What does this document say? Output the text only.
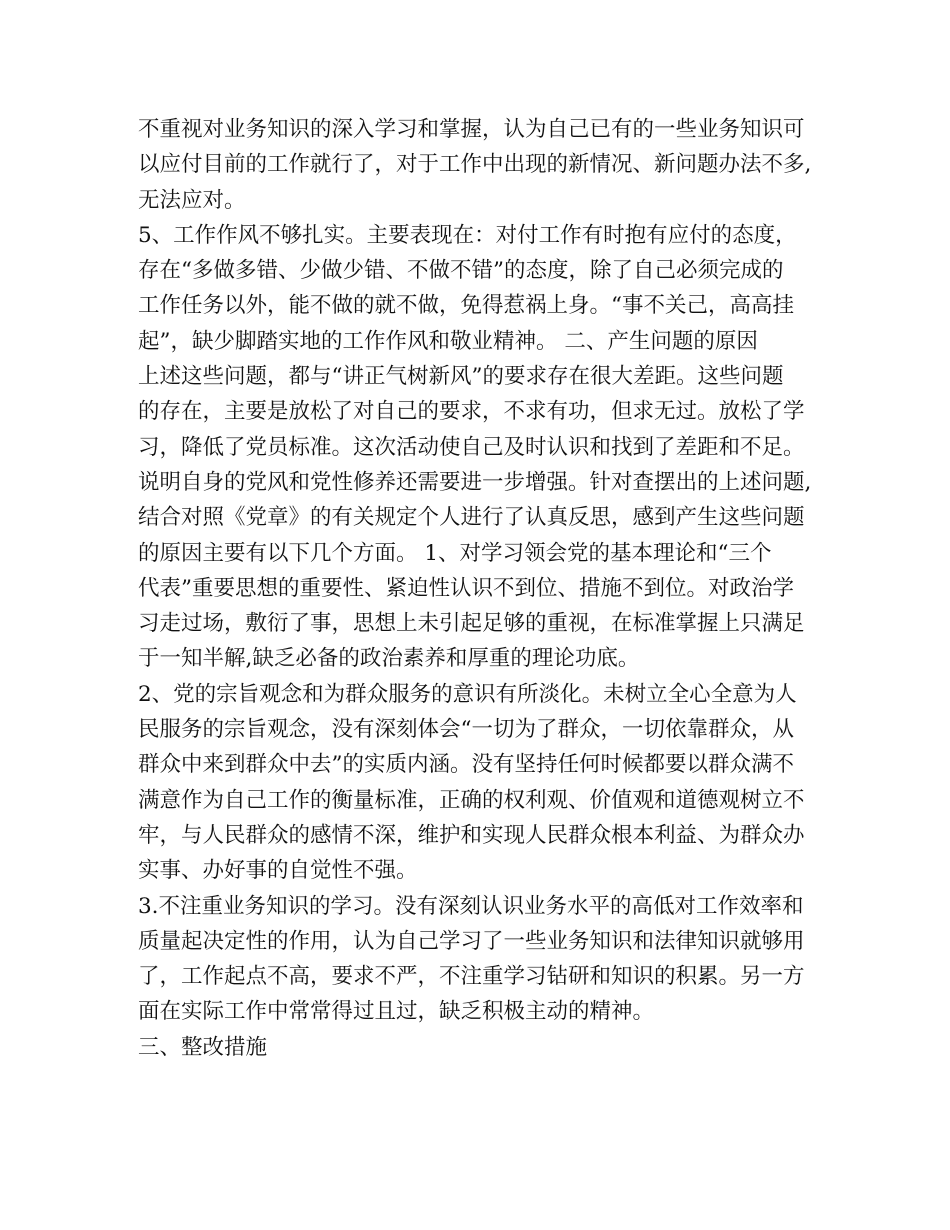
不重视对业务知识的深入学习和掌握，认为自己已有的一些业务知识可
以应付目前的工作就行了，对于工作中出现的新情况、新问题办法不多,
无法应对。
5、工作作风不够扎实。主要表现在：对付工作有时抱有应付的态度，
存在“多做多错、少做少错、不做不错”的态度，除了自己必须完成的
工作任务以外，能不做的就不做，免得惹祸上身。“事不关己，高高挂
起”，缺少脚踏实地的工作作风和敬业精神。 二、产生问题的原因
上述这些问题，都与“讲正气树新风”的要求存在很大差距。这些问题
的存在，主要是放松了对自己的要求，不求有功，但求无过。放松了学
习，降低了党员标准。这次活动使自己及时认识和找到了差距和不足。
说明自身的党风和党性修养还需要进一步增强。针对查摆出的上述问题,
结合对照《党章》的有关规定个人进行了认真反思，感到产生这些问题
的原因主要有以下几个方面。 1、对学习领会党的基本理论和“三个
代表”重要思想的重要性、紧迫性认识不到位、措施不到位。对政治学
习走过场，敷衍了事，思想上未引起足够的重视，在标准掌握上只满足
于一知半解,缺乏必备的政治素养和厚重的理论功底。
2、党的宗旨观念和为群众服务的意识有所淡化。未树立全心全意为人
民服务的宗旨观念，没有深刻体会“一切为了群众，一切依靠群众，从
群众中来到群众中去”的实质内涵。没有坚持任何时候都要以群众满不
满意作为自己工作的衡量标准，正确的权利观、价值观和道德观树立不
牢，与人民群众的感情不深，维护和实现人民群众根本利益、为群众办
实事、办好事的自觉性不强。
3.不注重业务知识的学习。没有深刻认识业务水平的高低对工作效率和
质量起决定性的作用，认为自己学习了一些业务知识和法律知识就够用
了，工作起点不高，要求不严，不注重学习钻研和知识的积累。另一方
面在实际工作中常常得过且过，缺乏积极主动的精神。
三、整改措施
